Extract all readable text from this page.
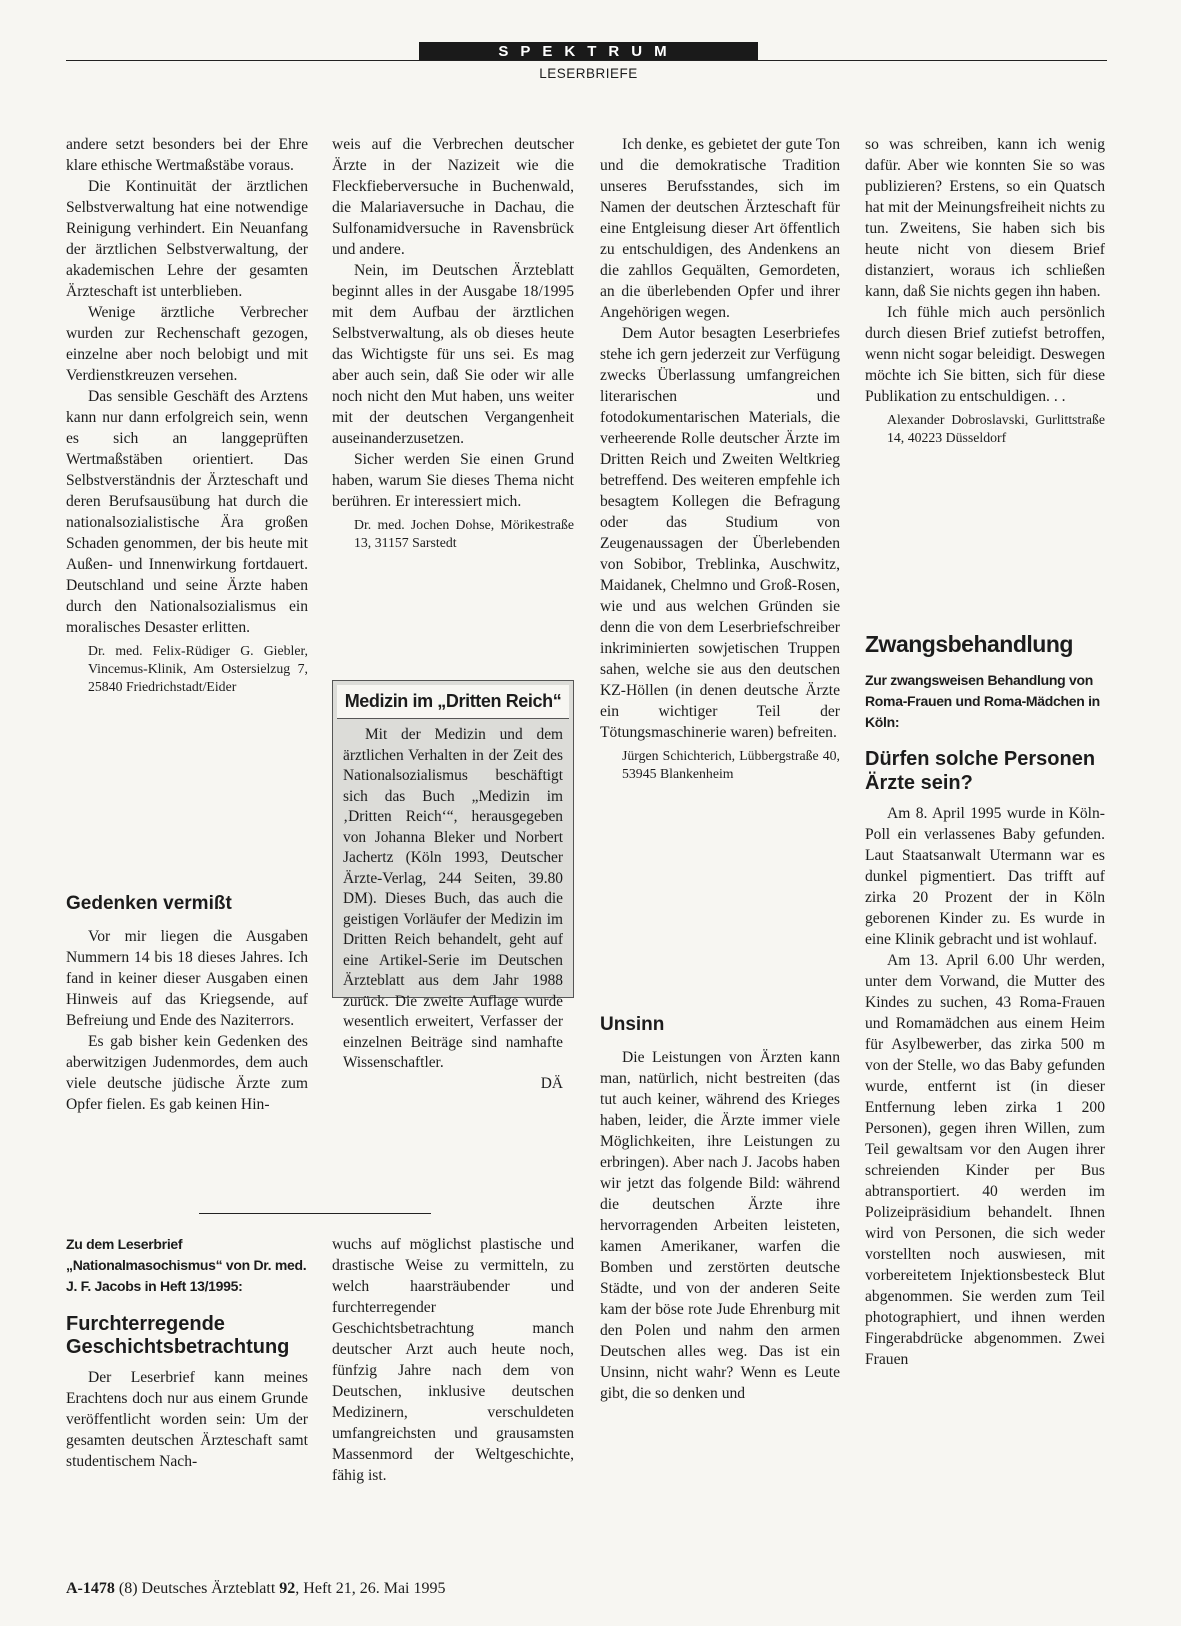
SPEKTRUM
LESERBRIEFE

andere setzt besonders bei der Ehre klare ethische Wertmaßstäbe voraus.

Die Kontinuität der ärztlichen Selbstverwaltung hat eine notwendige Reinigung verhindert. Ein Neuanfang der ärztlichen Selbstverwaltung, der akademischen Lehre der gesamten Ärzteschaft ist unterblieben.

Wenige ärztliche Verbrecher wurden zur Rechenschaft gezogen, einzelne aber noch belobigt und mit Verdienstkreuzen versehen.

Das sensible Geschäft des Arztens kann nur dann erfolgreich sein, wenn es sich an langgeprüften Wertmaßstäben orientiert. Das Selbstverständnis der Ärzteschaft und deren Berufsausübung hat durch die nationalsozialistische Ära großen Schaden genommen, der bis heute mit Außen- und Innenwirkung fortdauert. Deutschland und seine Ärzte haben durch den Nationalsozialismus ein moralisches Desaster erlitten.

Dr. med. Felix-Rüdiger G. Giebler, Vincemus-Klinik, Am Ostersielzug 7, 25840 Friedrichstadt/Eider
Gedenken vermißt

Vor mir liegen die Ausgaben Nummern 14 bis 18 dieses Jahres. Ich fand in keiner dieser Ausgaben einen Hinweis auf das Kriegsende, auf Befreiung und Ende des Naziterrors.

Es gab bisher kein Gedenken des aberwitzigen Judenmordes, dem auch viele deutsche jüdische Ärzte zum Opfer fielen. Es gab keinen Hin-

Zu dem Leserbrief „Nationalmasochismus“ von Dr. med. J. F. Jacobs in Heft 13/1995:
Furchterregende Geschichtsbetrachtung

Der Leserbrief kann meines Erachtens doch nur aus einem Grunde veröffentlicht worden sein: Um der gesamten deutschen Ärzteschaft samt studentischem Nach-

weis auf die Verbrechen deutscher Ärzte in der Nazizeit wie die Fleckfieberversuche in Buchenwald, die Malariaversuche in Dachau, die Sulfonamidversuche in Ravensbrück und andere.

Nein, im Deutschen Ärzteblatt beginnt alles in der Ausgabe 18/1995 mit dem Aufbau der ärztlichen Selbstverwaltung, als ob dieses heute das Wichtigste für uns sei. Es mag aber auch sein, daß Sie oder wir alle noch nicht den Mut haben, uns weiter mit der deutschen Vergangenheit auseinanderzusetzen.

Sicher werden Sie einen Grund haben, warum Sie dieses Thema nicht berühren. Er interessiert mich.

Dr. med. Jochen Dohse, Mörikestraße 13, 31157 Sarstedt
Medizin im „Dritten Reich“

Mit der Medizin und dem ärztlichen Verhalten in der Zeit des Nationalsozialismus beschäftigt sich das Buch „Medizin im ‚Dritten Reich‘“, herausgegeben von Johanna Bleker und Norbert Jachertz (Köln 1993, Deutscher Ärzte-Verlag, 244 Seiten, 39.80 DM). Dieses Buch, das auch die geistigen Vorläufer der Medizin im Dritten Reich behandelt, geht auf eine Artikel-Serie im Deutschen Ärzteblatt aus dem Jahr 1988 zurück. Die zweite Auflage wurde wesentlich erweitert, Verfasser der einzelnen Beiträge sind namhafte Wissenschaftler.

DÄ

wuchs auf möglichst plastische und drastische Weise zu vermitteln, zu welch haarsträubender und furchterregender Geschichtsbetrachtung manch deutscher Arzt auch heute noch, fünfzig Jahre nach dem von Deutschen, inklusive deutschen Medizinern, verschuldeten umfangreichsten und grausamsten Massenmord der Weltgeschichte, fähig ist.

Ich denke, es gebietet der gute Ton und die demokratische Tradition unseres Berufsstandes, sich im Namen der deutschen Ärzteschaft für eine Entgleisung dieser Art öffentlich zu entschuldigen, des Andenkens an die zahllos Gequälten, Gemordeten, an die überlebenden Opfer und ihrer Angehörigen wegen.

Dem Autor besagten Leserbriefes stehe ich gern jederzeit zur Verfügung zwecks Überlassung umfangreichen literarischen und fotodokumentarischen Materials, die verheerende Rolle deutscher Ärzte im Dritten Reich und Zweiten Weltkrieg betreffend. Des weiteren empfehle ich besagtem Kollegen die Befragung oder das Studium von Zeugenaussagen der Überlebenden von Sobibor, Treblinka, Auschwitz, Maidanek, Chelmno und Groß-Rosen, wie und aus welchen Gründen sie denn die von dem Leserbriefschreiber inkriminierten sowjetischen Truppen sahen, welche sie aus den deutschen KZ-Höllen (in denen deutsche Ärzte ein wichtiger Teil der Tötungsmaschinerie waren) befreiten.

Jürgen Schichterich, Lübbergstraße 40, 53945 Blankenheim
Unsinn

Die Leistungen von Ärzten kann man, natürlich, nicht bestreiten (das tut auch keiner, während des Krieges haben, leider, die Ärzte immer viele Möglichkeiten, ihre Leistungen zu erbringen). Aber nach J. Jacobs haben wir jetzt das folgende Bild: während die deutschen Ärzte ihre hervorragenden Arbeiten leisteten, kamen Amerikaner, warfen die Bomben und zerstörten deutsche Städte, und von der anderen Seite kam der böse rote Jude Ehrenburg mit den Polen und nahm den armen Deutschen alles weg. Das ist ein Unsinn, nicht wahr? Wenn es Leute gibt, die so denken und

so was schreiben, kann ich wenig dafür. Aber wie konnten Sie so was publizieren? Erstens, so ein Quatsch hat mit der Meinungsfreiheit nichts zu tun. Zweitens, Sie haben sich bis heute nicht von diesem Brief distanziert, woraus ich schließen kann, daß Sie nichts gegen ihn haben.

Ich fühle mich auch persönlich durch diesen Brief zutiefst betroffen, wenn nicht sogar beleidigt. Deswegen möchte ich Sie bitten, sich für diese Publikation zu entschuldigen. . .

Alexander Dobroslavski, Gurlittstraße 14, 40223 Düsseldorf
Zwangsbehandlung
Zur zwangsweisen Behandlung von Roma-Frauen und Roma-Mädchen in Köln:
Dürfen solche Personen Ärzte sein?

Am 8. April 1995 wurde in Köln-Poll ein verlassenes Baby gefunden. Laut Staatsanwalt Utermann war es dunkel pigmentiert. Das trifft auf zirka 20 Prozent der in Köln geborenen Kinder zu. Es wurde in eine Klinik gebracht und ist wohlauf.

Am 13. April 6.00 Uhr werden, unter dem Vorwand, die Mutter des Kindes zu suchen, 43 Roma-Frauen und Romamädchen aus einem Heim für Asylbewerber, das zirka 500 m von der Stelle, wo das Baby gefunden wurde, entfernt ist (in dieser Entfernung leben zirka 1 200 Personen), gegen ihren Willen, zum Teil gewaltsam vor den Augen ihrer schreienden Kinder per Bus abtransportiert. 40 werden im Polizeipräsidium behandelt. Ihnen wird von Personen, die sich weder vorstellten noch auswiesen, mit vorbereitetem Injektionsbesteck Blut abgenommen. Sie werden zum Teil photographiert, und ihnen werden Fingerabdrücke abgenommen. Zwei Frauen

A-1478 (8) Deutsches Ärzteblatt 92, Heft 21, 26. Mai 1995
